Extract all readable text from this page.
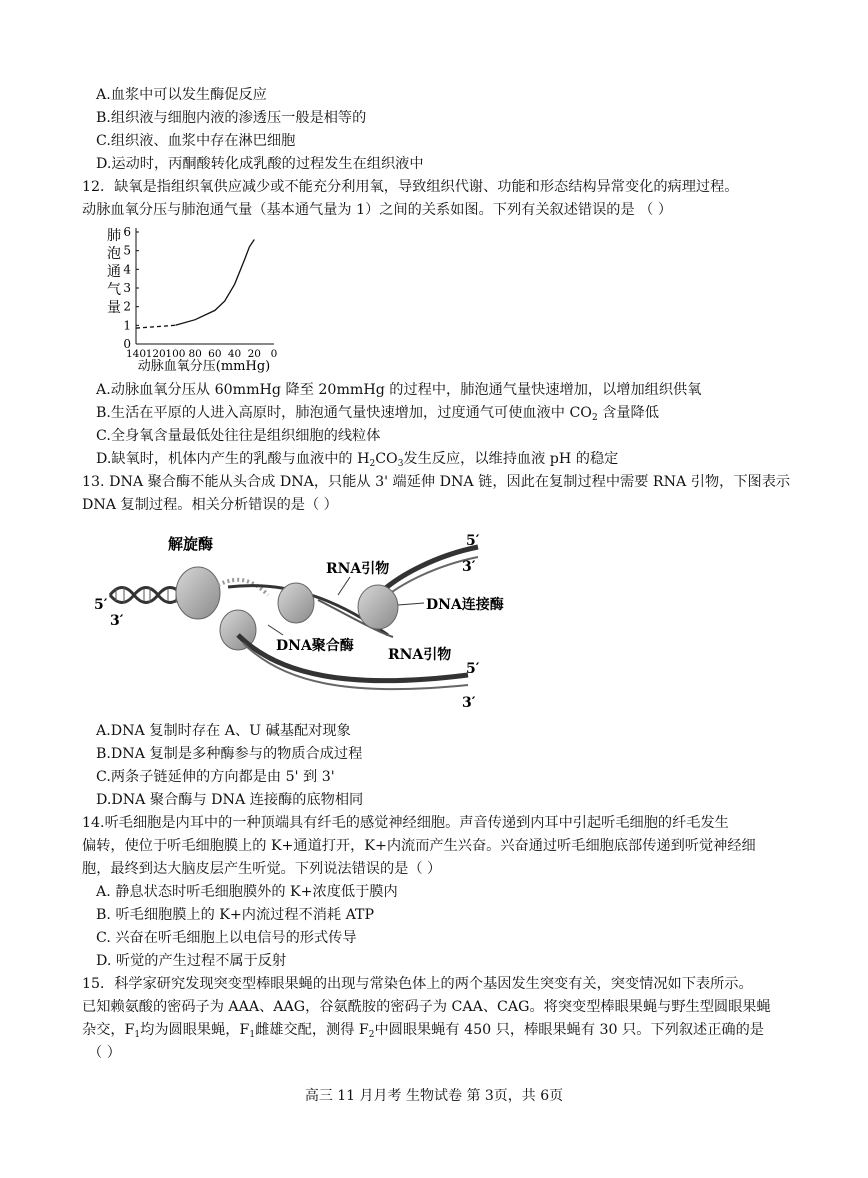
A.血浆中可以发生酶促反应
B.组织液与细胞内液的渗透压一般是相等的
C.组织液、血浆中存在淋巴细胞
D.运动时，丙酮酸转化成乳酸的过程发生在组织液中
12．缺氧是指组织氧供应减少或不能充分利用氧，导致组织代谢、功能和形态结构异常变化的病理过程。
动脉血氧分压与肺泡通气量（基本通气量为 1）之间的关系如图。下列有关叙述错误的是 （ ）
肺
泡
通
气
量
0
1
2
3
4
5
6
140 120 100 80 60 40 20 0
动脉血氧分压(mmHg)
A.动脉血氧分压从 60mmHg 降至 20mmHg 的过程中，肺泡通气量快速增加，以增加组织供氧
B.生活在平原的人进入高原时，肺泡通气量快速增加，过度通气可使血液中 $CO_2$ 含量降低
C.全身氧含量最低处往往是组织细胞的线粒体
D.缺氧时，机体内产生的乳酸与血液中的 $H_2CO_3$发生反应，以维持血液 pH 的稳定
13. DNA 聚合酶不能从头合成 DNA，只能从 3' 端延伸 DNA 链，因此在复制过程中需要 RNA 引物，下图表示
DNA 复制过程。相关分析错误的是（ ）
解旋酶
RNA引物
DNA连接酶
DNA聚合酶
RNA引物
5′
3′
5′
3′
5′
3′
A.DNA 复制时存在 A、U 碱基配对现象
B.DNA 复制是多种酶参与的物质合成过程
C.两条子链延伸的方向都是由 5' 到 3'
D.DNA 聚合酶与 DNA 连接酶的底物相同
14.听毛细胞是内耳中的一种顶端具有纤毛的感觉神经细胞。声音传递到内耳中引起听毛细胞的纤毛发生
偏转，使位于听毛细胞膜上的 K+通道打开，K+内流而产生兴奋。兴奋通过听毛细胞底部传递到听觉神经细
胞，最终到达大脑皮层产生听觉。下列说法错误的是（ ）
A. 静息状态时听毛细胞膜外的 K+浓度低于膜内
B. 听毛细胞膜上的 K+内流过程不消耗 ATP
C. 兴奋在听毛细胞上以电信号的形式传导
D. 听觉的产生过程不属于反射
15．科学家研究发现突变型棒眼果蝇的出现与常染色体上的两个基因发生突变有关，突变情况如下表所示。
已知赖氨酸的密码子为 AAA、AAG，谷氨酰胺的密码子为 CAA、CAG。将突变型棒眼果蝇与野生型圆眼果蝇
杂交，$F_1$均为圆眼果蝇，$F_1$雌雄交配，测得 $F_2$中圆眼果蝇有 450 只，棒眼果蝇有 30 只。下列叙述正确的是
（ ）
高三 11 月月考 生物试卷 第 3页，共 6页
